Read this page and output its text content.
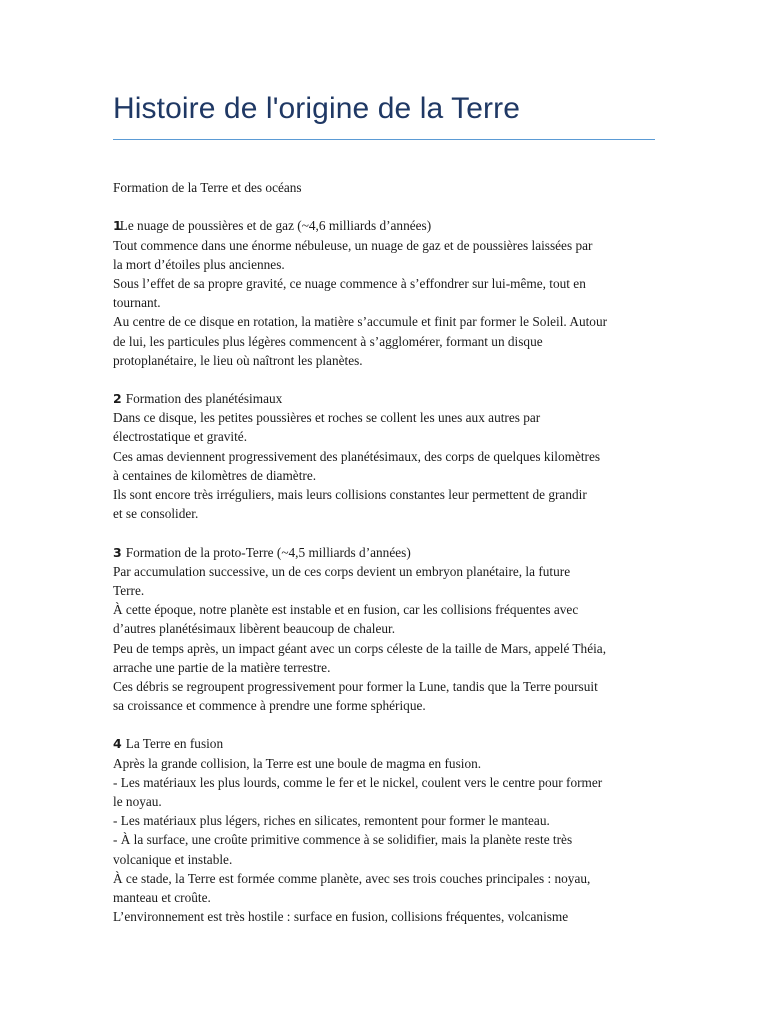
Histoire de l'origine de la Terre
Formation de la Terre et des océans
1Le nuage de poussières et de gaz (~4,6 milliards d’années)
Tout commence dans une énorme nébuleuse, un nuage de gaz et de poussières laissées par
la mort d’étoiles plus anciennes.
Sous l’effet de sa propre gravité, ce nuage commence à s’effondrer sur lui-même, tout en
tournant.
Au centre de ce disque en rotation, la matière s’accumule et finit par former le Soleil. Autour
de lui, les particules plus légères commencent à s’agglomérer, formant un disque
protoplanétaire, le lieu où naîtront les planètes.
2 Formation des planétésimaux
Dans ce disque, les petites poussières et roches se collent les unes aux autres par
électrostatique et gravité.
Ces amas deviennent progressivement des planétésimaux, des corps de quelques kilomètres
à centaines de kilomètres de diamètre.
Ils sont encore très irréguliers, mais leurs collisions constantes leur permettent de grandir
et se consolider.
3 Formation de la proto-Terre (~4,5 milliards d’années)
Par accumulation successive, un de ces corps devient un embryon planétaire, la future
Terre.
À cette époque, notre planète est instable et en fusion, car les collisions fréquentes avec
d’autres planétésimaux libèrent beaucoup de chaleur.
Peu de temps après, un impact géant avec un corps céleste de la taille de Mars, appelé Théia,
arrache une partie de la matière terrestre.
Ces débris se regroupent progressivement pour former la Lune, tandis que la Terre poursuit
sa croissance et commence à prendre une forme sphérique.
4 La Terre en fusion
Après la grande collision, la Terre est une boule de magma en fusion.
- Les matériaux les plus lourds, comme le fer et le nickel, coulent vers le centre pour former
le noyau.
- Les matériaux plus légers, riches en silicates, remontent pour former le manteau.
- À la surface, une croûte primitive commence à se solidifier, mais la planète reste très
volcanique et instable.
À ce stade, la Terre est formée comme planète, avec ses trois couches principales : noyau,
manteau et croûte.
L’environnement est très hostile : surface en fusion, collisions fréquentes, volcanisme
